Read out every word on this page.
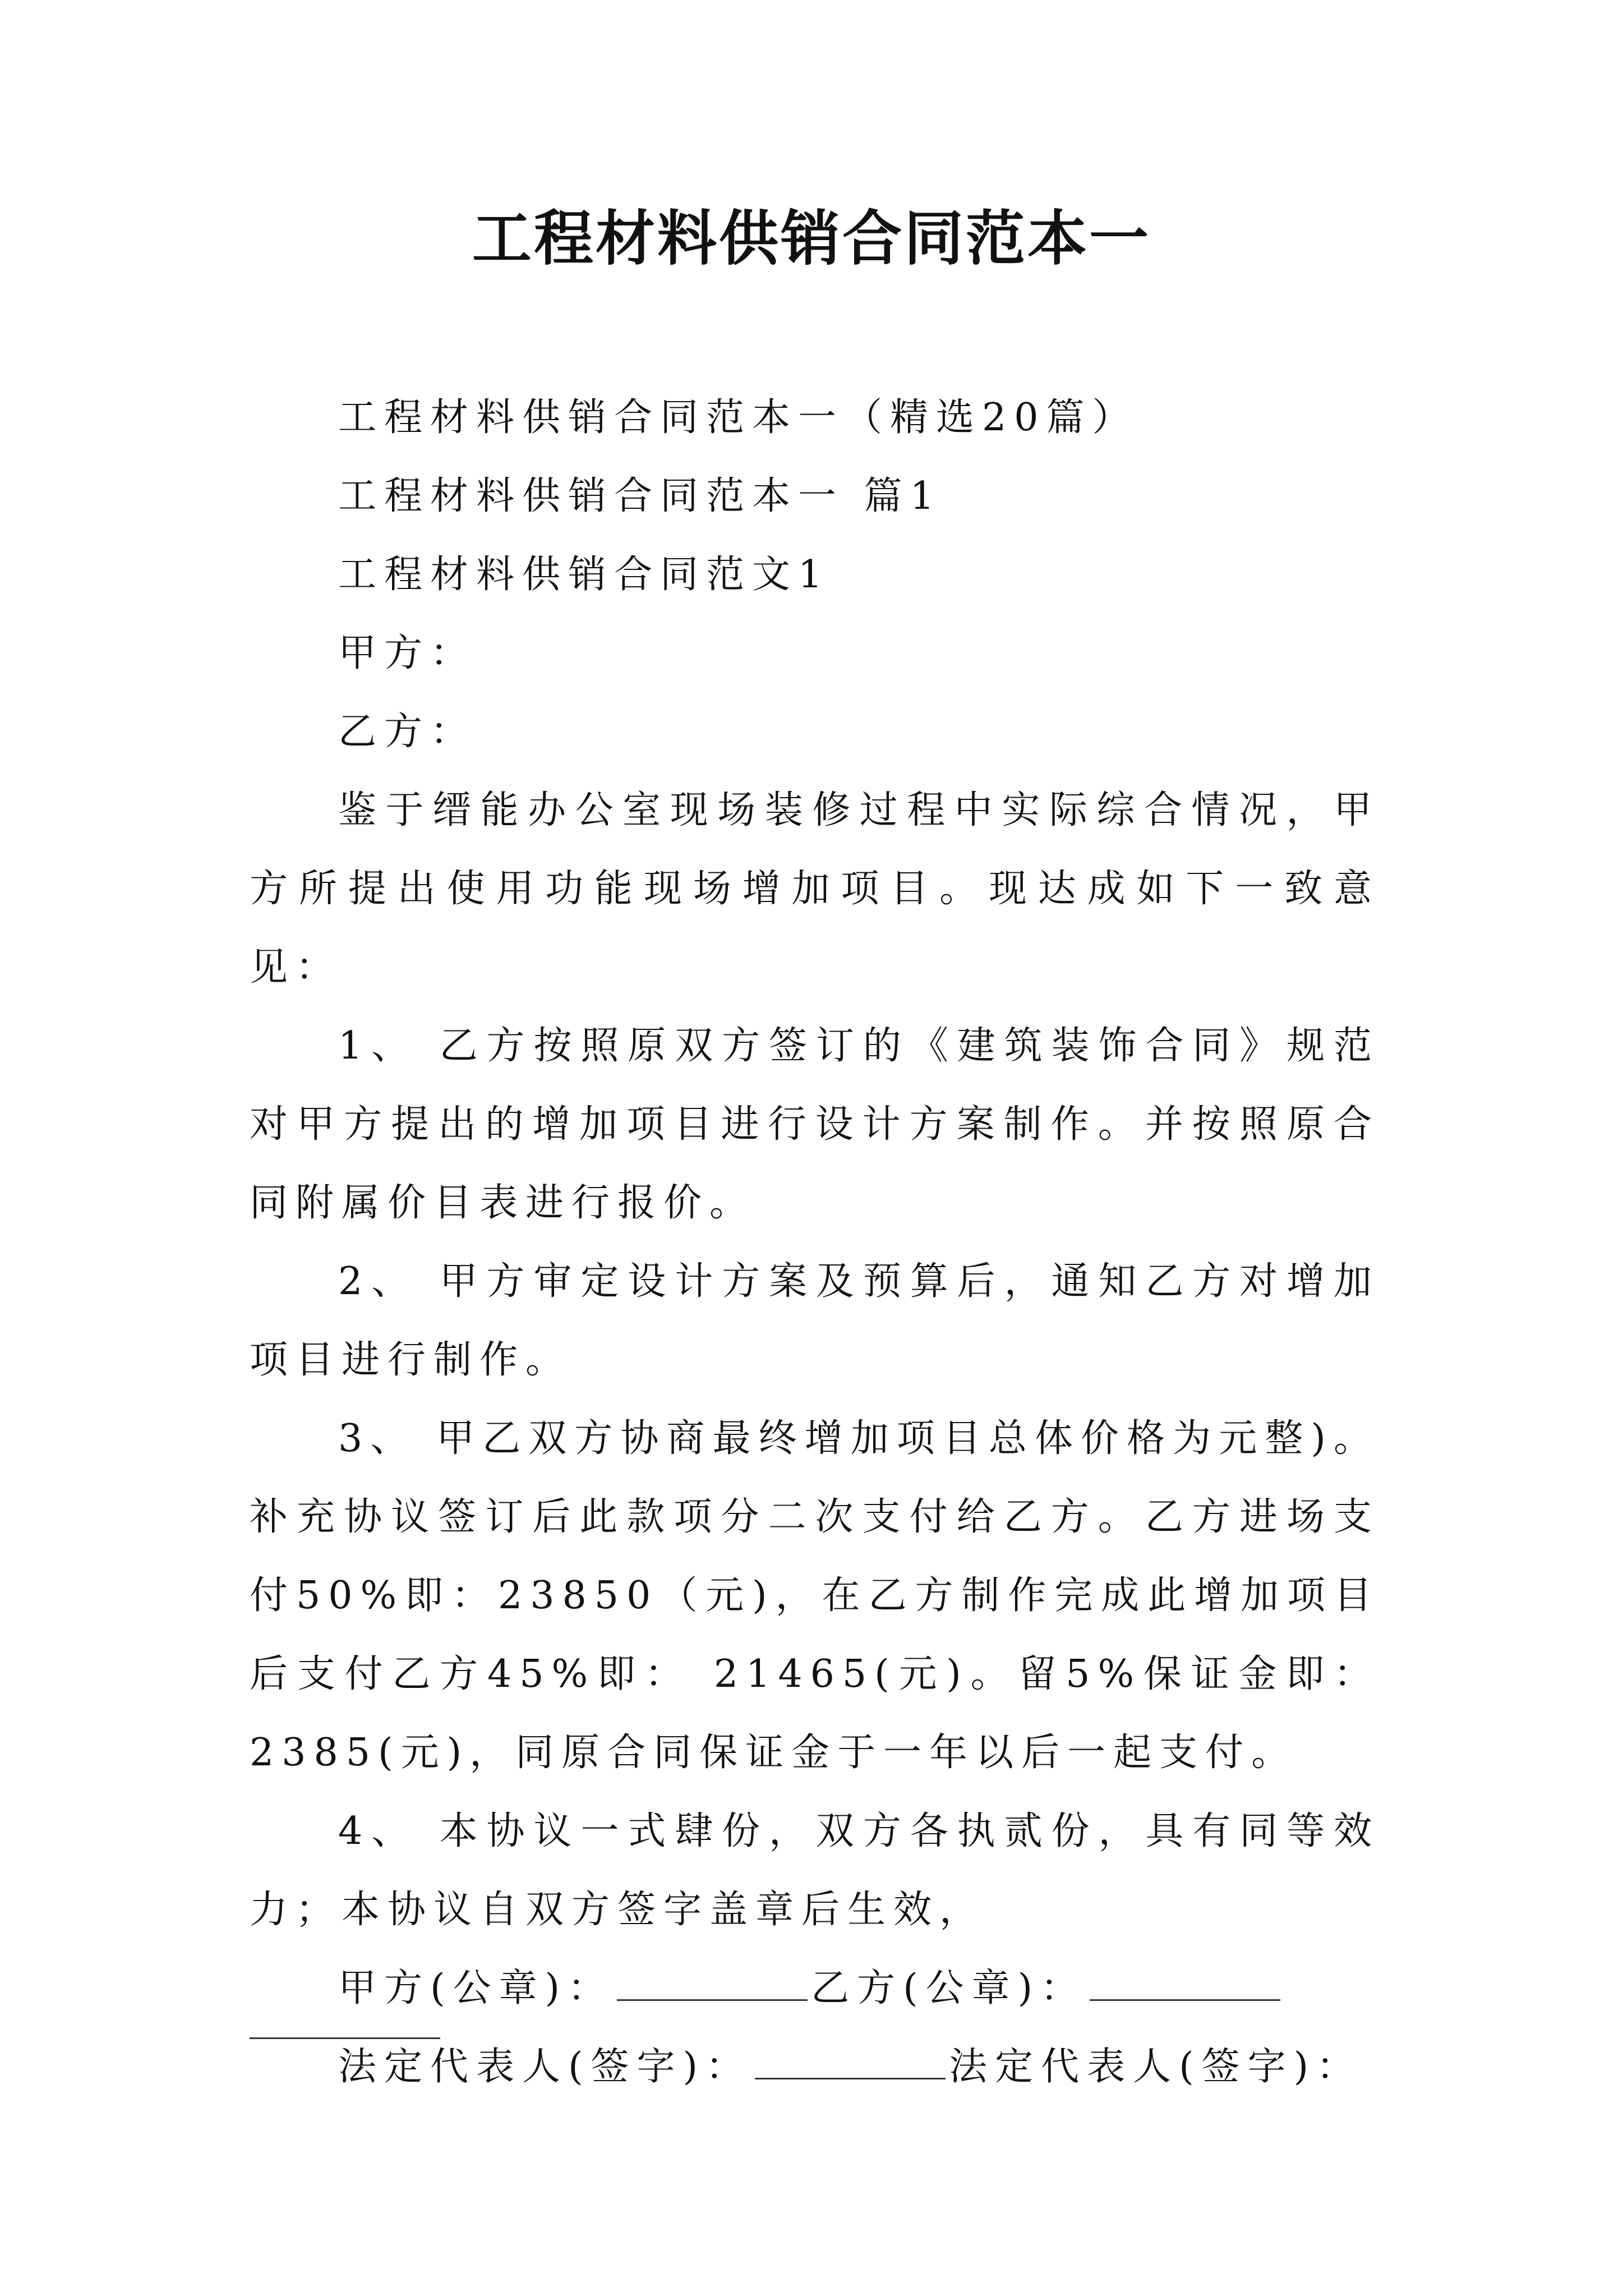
工程材料供销合同范本一
工程材料供销合同范本一（精选20篇）
工程材料供销合同范本一 篇1
工程材料供销合同范文1
甲方：
乙方：
鉴于缙能办公室现场装修过程中实际综合情况，甲方所提出使用功能现场增加项目。现达成如下一致意见：
1、 乙方按照原双方签订的《建筑装饰合同》规范对甲方提出的增加项目进行设计方案制作。并按照原合同附属价目表进行报价。
2、 甲方审定设计方案及预算后，通知乙方对增加项目进行制作。
3、 甲乙双方协商最终增加项目总体价格为元整)。补充协议签订后此款项分二次支付给乙方。乙方进场支付50%即：23850（元)，在乙方制作完成此增加项目后支付乙方45%即： 21465(元)。留5%保证金即：2385(元)，同原合同保证金于一年以后一起支付。
4、 本协议一式肆份，双方各执贰份，具有同等效力；本协议自双方签字盖章后生效，
甲方(公章)：	乙方(公章)：
法定代表人(签字)：	法定代表人(签字)：
